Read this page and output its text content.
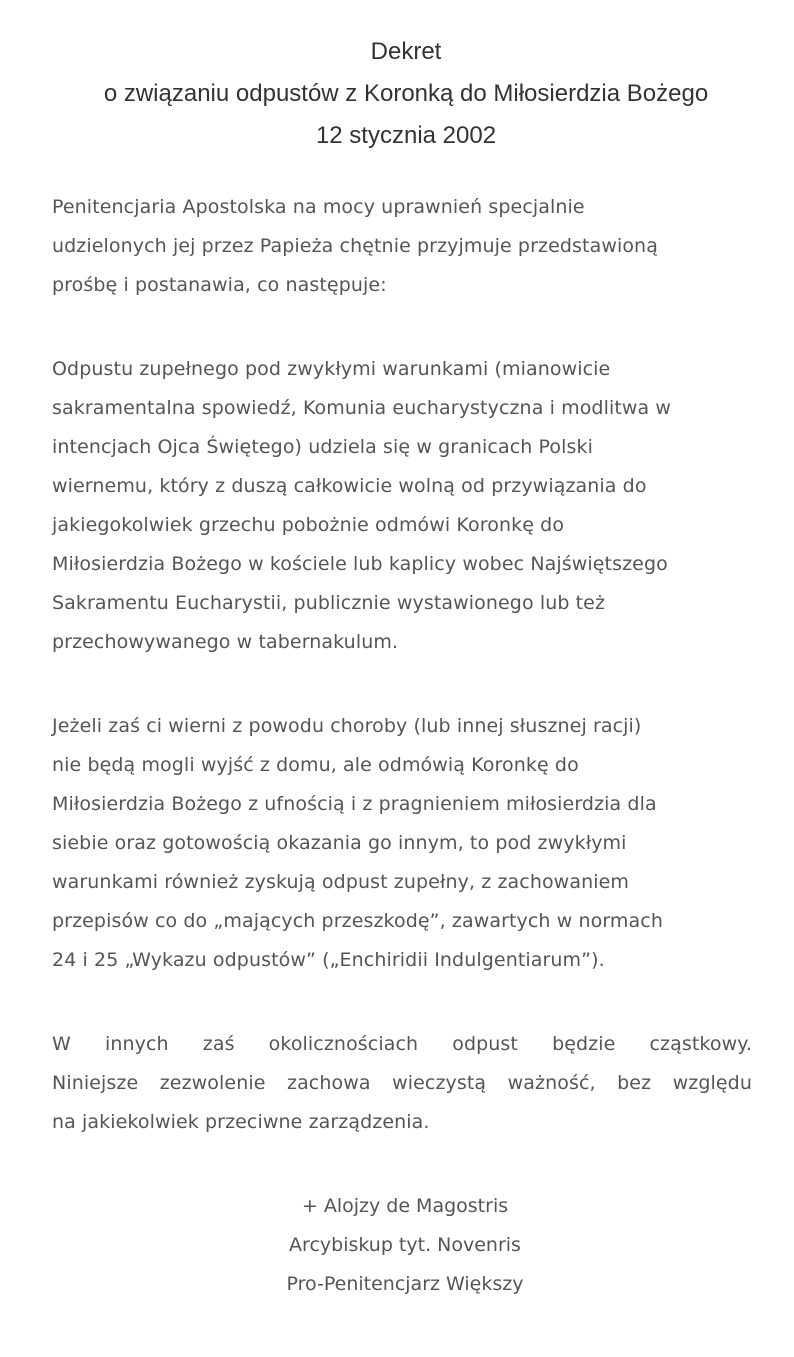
Dekret
o związaniu odpustów z Koronką do Miłosierdzia Bożego
12 stycznia 2002

Penitencjaria Apostolska na mocy uprawnień specjalnie
udzielonych jej przez Papieża chętnie przyjmuje przedstawioną
prośbę i postanawia, co następuje:

Odpustu zupełnego pod zwykłymi warunkami (mianowicie
sakramentalna spowiedź, Komunia eucharystyczna i modlitwa w
intencjach Ojca Świętego) udziela się w granicach Polski
wiernemu, który z duszą całkowicie wolną od przywiązania do
jakiegokolwiek grzechu pobożnie odmówi Koronkę do
Miłosierdzia Bożego w kościele lub kaplicy wobec Najświętszego
Sakramentu Eucharystii, publicznie wystawionego lub też
przechowywanego w tabernakulum.

Jeżeli zaś ci wierni z powodu choroby (lub innej słusznej racji)
nie będą mogli wyjść z domu, ale odmówią Koronkę do
Miłosierdzia Bożego z ufnością i z pragnieniem miłosierdzia dla
siebie oraz gotowością okazania go innym, to pod zwykłymi
warunkami również zyskują odpust zupełny, z zachowaniem
przepisów co do „mających przeszkodę”, zawartych w normach
24 i 25 „Wykazu odpustów” („Enchiridii Indulgentiarum”).

W innych zaś okolicznościach odpust będzie cząstkowy.
Niniejsze zezwolenie zachowa wieczystą ważność, bez względu
na jakiekolwiek przeciwne zarządzenia.

+ Alojzy de Magostris
Arcybiskup tyt. Novenris
Pro-Penitencjarz Większy
